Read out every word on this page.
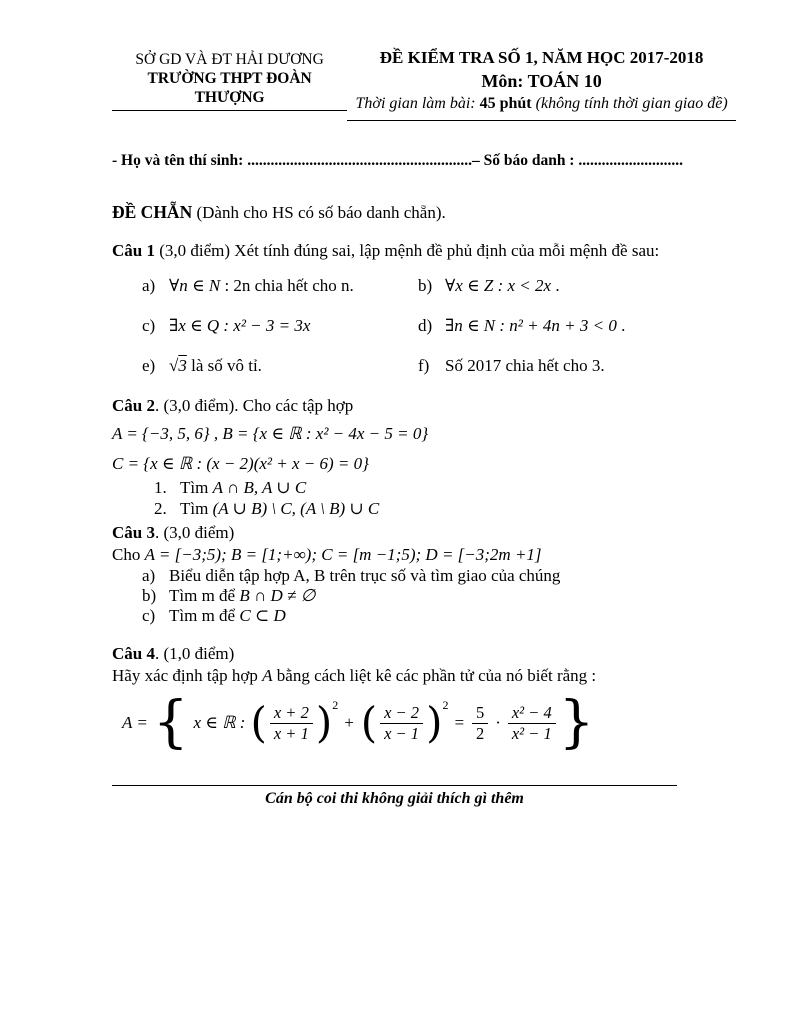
SỞ GD VÀ ĐT HẢI DƯƠNG
TRƯỜNG THPT ĐOÀN THƯỢNG
ĐỀ KIỂM TRA SỐ 1, NĂM HỌC 2017-2018
Môn: TOÁN 10
Thời gian làm bài: 45 phút (không tính thời gian giao đề)
- Họ và tên thí sinh: ..........................................................– Số báo danh : ...........................
ĐỀ CHẴN (Dành cho HS có số báo danh chẵn).
Câu 1 (3,0 điểm) Xét tính đúng sai, lập mệnh đề phủ định của mỗi mệnh đề sau:
a) ∀n ∈ N : 2n chia hết cho n.	b) ∀x ∈ Z : x < 2x .
c) ∃x ∈ Q : x² − 3 = 3x	d) ∃n ∈ N : n² + 4n + 3 < 0 .
e) √3 là số vô tỉ.	f) Số 2017 chia hết cho 3.
Câu 2. (3,0 điểm). Cho các tập hợp
A = {−3, 5, 6} , B = {x ∈ ℝ : x² − 4x − 5 = 0}
C = {x ∈ ℝ : (x − 2)(x² + x − 6) = 0}
1. Tìm A ∩ B, A ∪ C
2. Tìm (A ∪ B) \ C, (A \ B) ∪ C
Câu 3. (3,0 điểm)
Cho A = [−3;5); B = [1;+∞); C = [m −1;5); D = [−3;2m +1]
a) Biểu diễn tập hợp A, B trên trục số và tìm giao của chúng
b) Tìm m để B ∩ D ≠ ∅
c) Tìm m để C ⊂ D
Câu 4. (1,0 điểm)
Hãy xác định tập hợp A bằng cách liệt kê các phần tử của nó biết rằng :
A = { x ∈ ℝ : ( $\frac{x + 2}{x + 1} )^2$
+ ( $\frac{x - 2}{x - 1} )^2$
= $\frac{5}{2} \cdot \frac{\text{x² − 4}}{\text{x² − 1}}$ }
Cán bộ coi thi không giải thích gì thêm
